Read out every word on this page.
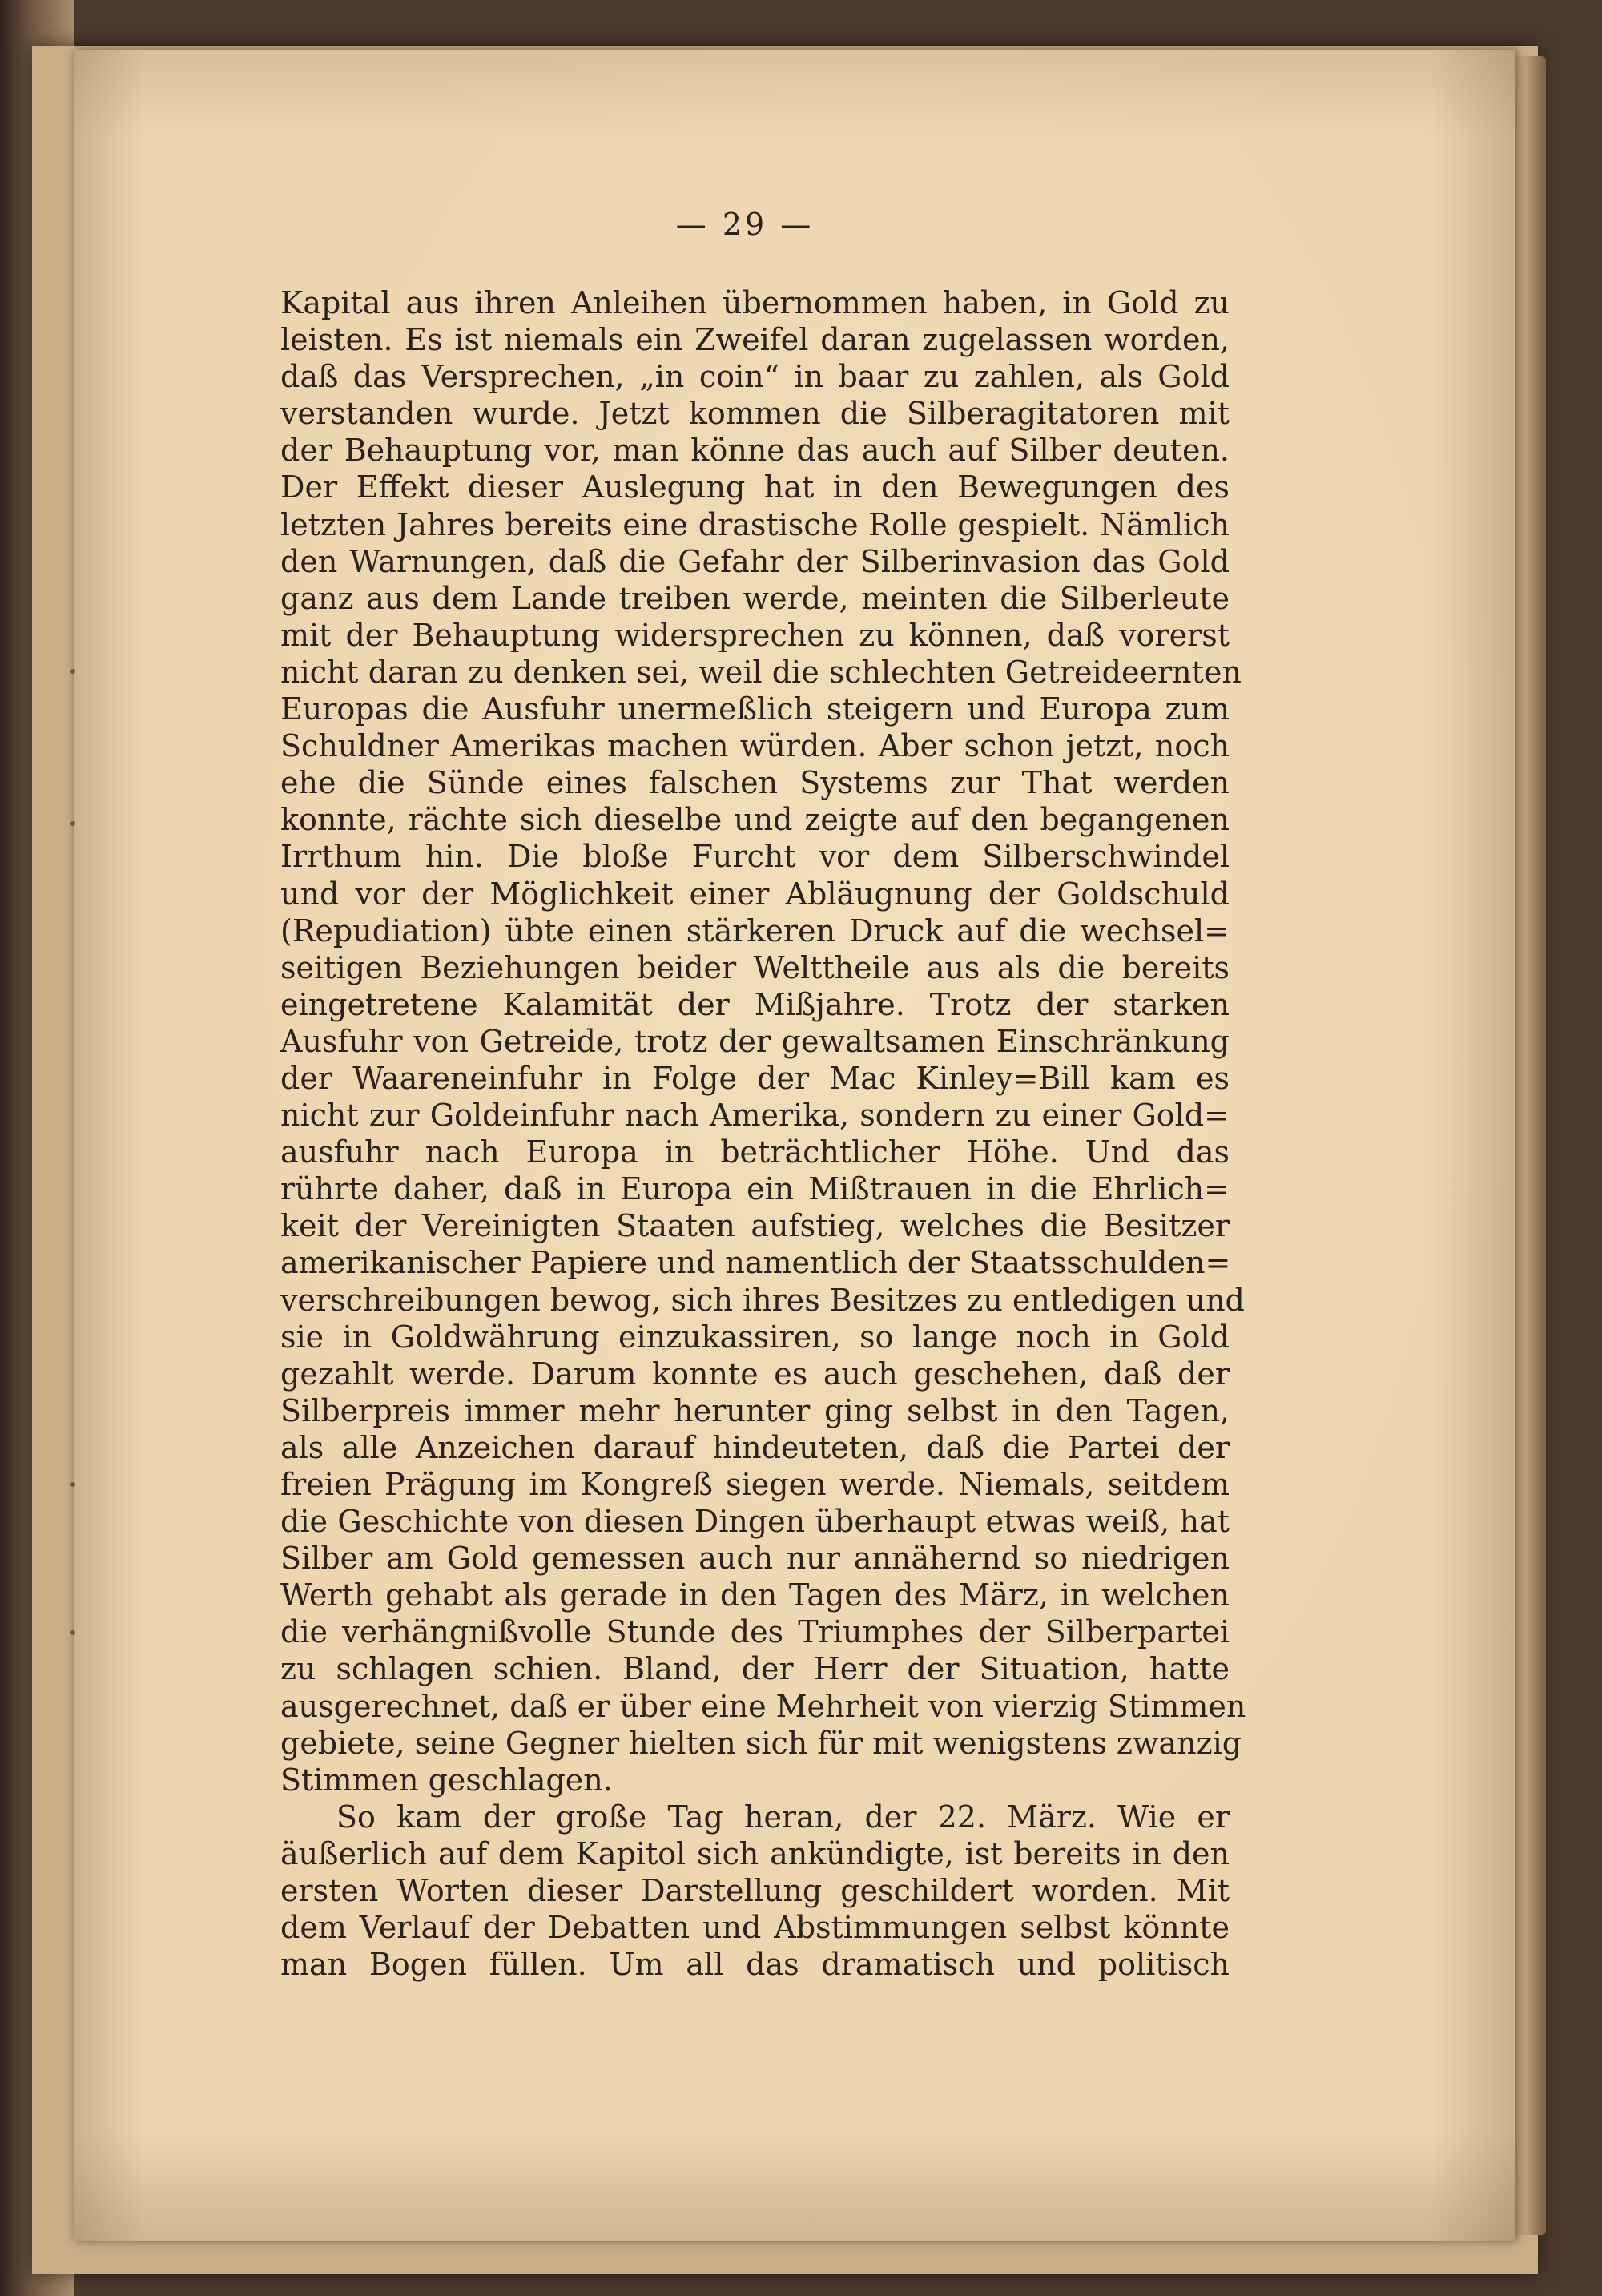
— 29 —
Kapital aus ihren Anleihen übernommen haben, in Gold zu
leisten. Es ist niemals ein Zweifel daran zugelassen worden,
daß das Versprechen, „in coin“ in baar zu zahlen, als Gold
verstanden wurde. Jetzt kommen die Silberagitatoren mit
der Behauptung vor, man könne das auch auf Silber deuten.
Der Effekt dieser Auslegung hat in den Bewegungen des
letzten Jahres bereits eine drastische Rolle gespielt. Nämlich
den Warnungen, daß die Gefahr der Silberinvasion das Gold
ganz aus dem Lande treiben werde, meinten die Silberleute
mit der Behauptung widersprechen zu können, daß vorerst
nicht daran zu denken sei, weil die schlechten Getreideernten
Europas die Ausfuhr unermeßlich steigern und Europa zum
Schuldner Amerikas machen würden. Aber schon jetzt, noch
ehe die Sünde eines falschen Systems zur That werden
konnte, rächte sich dieselbe und zeigte auf den begangenen
Irrthum hin. Die bloße Furcht vor dem Silberschwindel
und vor der Möglichkeit einer Abläugnung der Goldschuld
(Repudiation) übte einen stärkeren Druck auf die wechsel=
seitigen Beziehungen beider Welttheile aus als die bereits
eingetretene Kalamität der Mißjahre. Trotz der starken
Ausfuhr von Getreide, trotz der gewaltsamen Einschränkung
der Waareneinfuhr in Folge der Mac Kinley=Bill kam es
nicht zur Goldeinfuhr nach Amerika, sondern zu einer Gold=
ausfuhr nach Europa in beträchtlicher Höhe. Und das
rührte daher, daß in Europa ein Mißtrauen in die Ehrlich=
keit der Vereinigten Staaten aufstieg, welches die Besitzer
amerikanischer Papiere und namentlich der Staatsschulden=
verschreibungen bewog, sich ihres Besitzes zu entledigen und
sie in Goldwährung einzukassiren, so lange noch in Gold
gezahlt werde. Darum konnte es auch geschehen, daß der
Silberpreis immer mehr herunter ging selbst in den Tagen,
als alle Anzeichen darauf hindeuteten, daß die Partei der
freien Prägung im Kongreß siegen werde. Niemals, seitdem
die Geschichte von diesen Dingen überhaupt etwas weiß, hat
Silber am Gold gemessen auch nur annähernd so niedrigen
Werth gehabt als gerade in den Tagen des März, in welchen
die verhängnißvolle Stunde des Triumphes der Silberpartei
zu schlagen schien. Bland, der Herr der Situation, hatte
ausgerechnet, daß er über eine Mehrheit von vierzig Stimmen
gebiete, seine Gegner hielten sich für mit wenigstens zwanzig
Stimmen geschlagen.
So kam der große Tag heran, der 22. März. Wie er
äußerlich auf dem Kapitol sich ankündigte, ist bereits in den
ersten Worten dieser Darstellung geschildert worden. Mit
dem Verlauf der Debatten und Abstimmungen selbst könnte
man Bogen füllen. Um all das dramatisch und politisch
